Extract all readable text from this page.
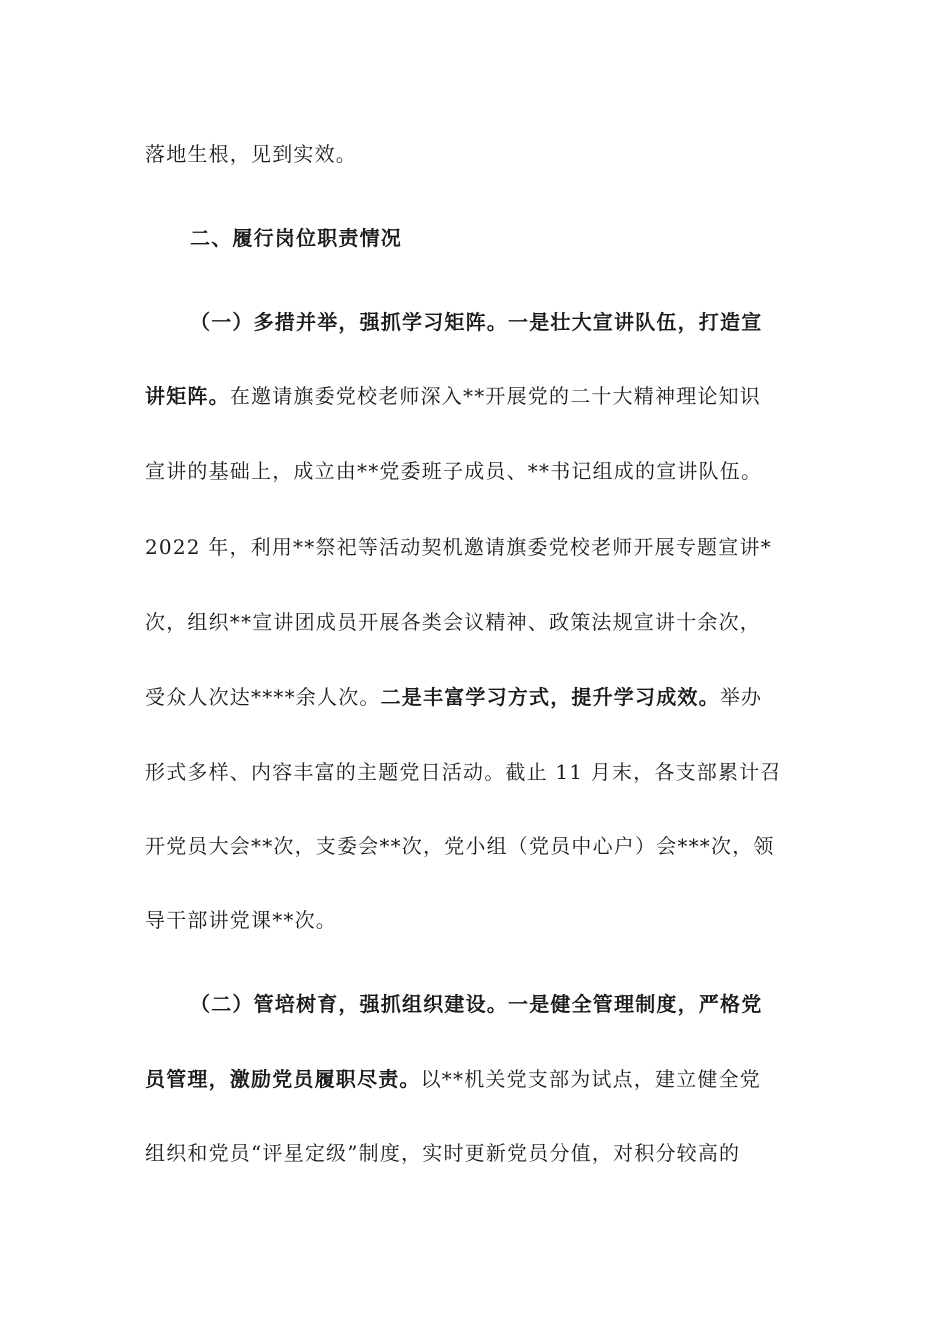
落地生根，见到实效。
二、履行岗位职责情况
（一）多措并举，强抓学习矩阵。一是壮大宣讲队伍，打造宣
讲矩阵。在邀请旗委党校老师深入**开展党的二十大精神理论知识
宣讲的基础上，成立由**党委班子成员、**书记组成的宣讲队伍。
2022 年，利用**祭祀等活动契机邀请旗委党校老师开展专题宣讲*
次，组织**宣讲团成员开展各类会议精神、政策法规宣讲十余次，
受众人次达****余人次。二是丰富学习方式，提升学习成效。举办
形式多样、内容丰富的主题党日活动。截止 11 月末，各支部累计召
开党员大会**次，支委会**次，党小组（党员中心户）会***次，领
导干部讲党课**次。
（二）管培树育，强抓组织建设。一是健全管理制度，严格党
员管理，激励党员履职尽责。以**机关党支部为试点，建立健全党
组织和党员“评星定级”制度，实时更新党员分值，对积分较高的
